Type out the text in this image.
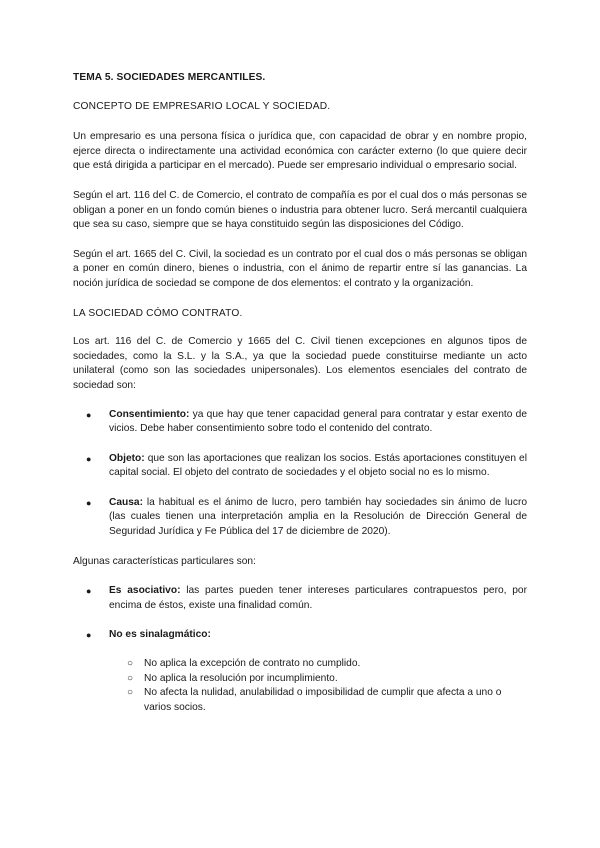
TEMA 5. SOCIEDADES MERCANTILES.

CONCEPTO DE EMPRESARIO LOCAL Y SOCIEDAD.

Un empresario es una persona física o jurídica que, con capacidad de obrar y en nombre propio, ejerce directa o indirectamente una actividad económica con carácter externo (lo que quiere decir que está dirigida a participar en el mercado). Puede ser empresario individual o empresario social.

Según el art. 116 del C. de Comercio, el contrato de compañía es por el cual dos o más personas se obligan a poner en un fondo común bienes o industria para obtener lucro. Será mercantil cualquiera que sea su caso, siempre que se haya constituido según las disposiciones del Código.

Según el art. 1665 del C. Civil, la sociedad es un contrato por el cual dos o más personas se obligan a poner en común dinero, bienes o industria, con el ánimo de repartir entre sí las ganancias. La noción jurídica de sociedad se compone de dos elementos: el contrato y la organización.

LA SOCIEDAD CÓMO CONTRATO.

Los art. 116 del C. de Comercio y 1665 del C. Civil tienen excepciones en algunos tipos de sociedades, como la S.L. y la S.A., ya que la sociedad puede constituirse mediante un acto unilateral (como son las sociedades unipersonales). Los elementos esenciales del contrato de sociedad son:

● Consentimiento: ya que hay que tener capacidad general para contratar y estar exento de vicios. Debe haber consentimiento sobre todo el contenido del contrato.
● Objeto: que son las aportaciones que realizan los socios. Estás aportaciones constituyen el capital social. El objeto del contrato de sociedades y el objeto social no es lo mismo.
● Causa: la habitual es el ánimo de lucro, pero también hay sociedades sin ánimo de lucro (las cuales tienen una interpretación amplia en la Resolución de Dirección General de Seguridad Jurídica y Fe Pública del 17 de diciembre de 2020).

Algunas características particulares son:

● Es asociativo: las partes pueden tener intereses particulares contrapuestos pero, por encima de éstos, existe una finalidad común.
● No es sinalagmático:
○ No aplica la excepción de contrato no cumplido.
○ No aplica la resolución por incumplimiento.
○ No afecta la nulidad, anulabilidad o imposibilidad de cumplir que afecta a uno o varios socios.
